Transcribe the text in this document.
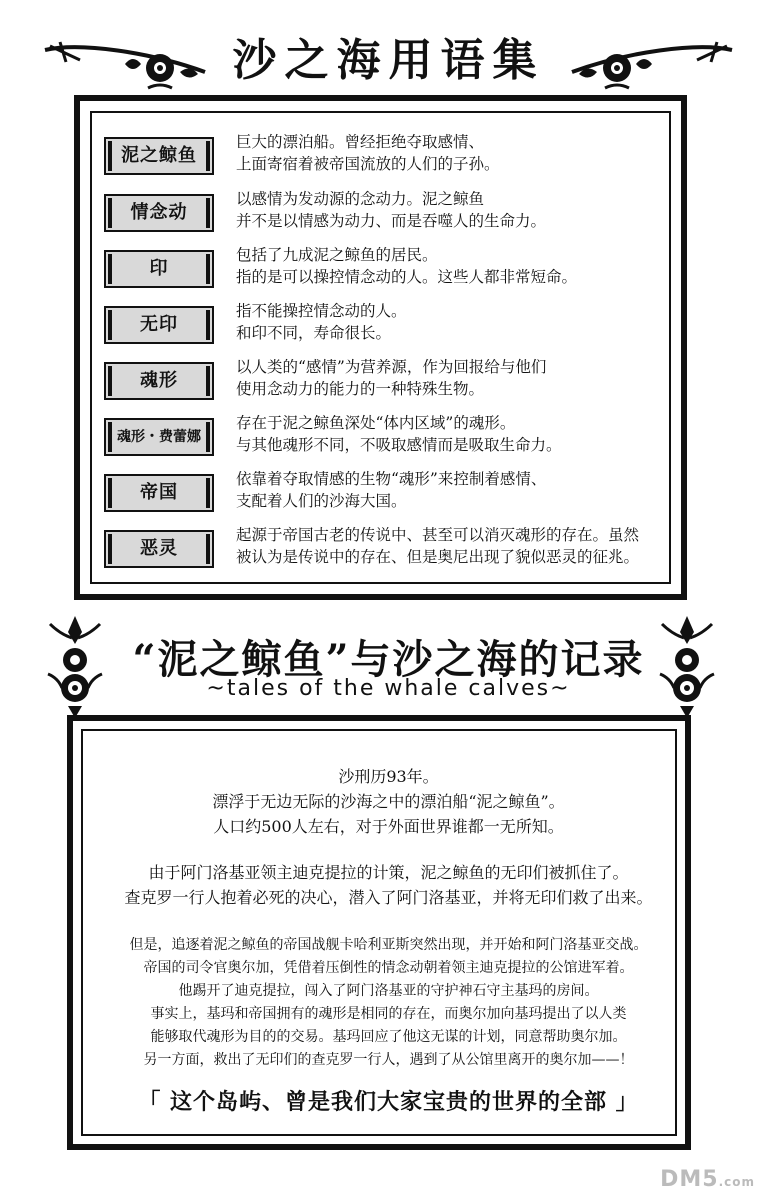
沙之海用语集
泥之鲸鱼
巨大的漂泊船。曾经拒绝夺取感情、
上面寄宿着被帝国流放的人们的子孙。
情念动
以感情为发动源的念动力。泥之鲸鱼
并不是以情感为动力、而是吞噬人的生命力。
印
包括了九成泥之鲸鱼的居民。
指的是可以操控情念动的人。这些人都非常短命。
无印
指不能操控情念动的人。
和印不同，寿命很长。
魂形
以人类的“感情”为营养源，作为回报给与他们
使用念动力的能力的一种特殊生物。
魂形・费蕾娜
存在于泥之鲸鱼深处“体内区域”的魂形。
与其他魂形不同，不吸取感情而是吸取生命力。
帝国
依靠着夺取情感的生物“魂形”来控制着感情、
支配着人们的沙海大国。
恶灵
起源于帝国古老的传说中、甚至可以消灭魂形的存在。虽然
被认为是传说中的存在、但是奥尼出现了貌似恶灵的征兆。
“泥之鲸鱼”与沙之海的记录
~tales of the whale calves~
沙刑历93年。
漂浮于无边无际的沙海之中的漂泊船“泥之鲸鱼”。
人口约500人左右，对于外面世界谁都一无所知。
由于阿门洛基亚领主迪克提拉的计策，泥之鲸鱼的无印们被抓住了。
查克罗一行人抱着必死的决心，潜入了阿门洛基亚，并将无印们救了出来。
但是，追逐着泥之鲸鱼的帝国战舰卡哈利亚斯突然出现，并开始和阿门洛基亚交战。
帝国的司令官奥尔加，凭借着压倒性的情念动朝着领主迪克提拉的公馆进军着。
他踢开了迪克提拉，闯入了阿门洛基亚的守护神石守主基玛的房间。
事实上，基玛和帝国拥有的魂形是相同的存在，而奥尔加向基玛提出了以人类
能够取代魂形为目的的交易。基玛回应了他这无谋的计划，同意帮助奥尔加。
另一方面，救出了无印们的查克罗一行人，遇到了从公馆里离开的奥尔加——！
「 这个岛屿、曾是我们大家宝贵的世界的全部 」
DM5.com
